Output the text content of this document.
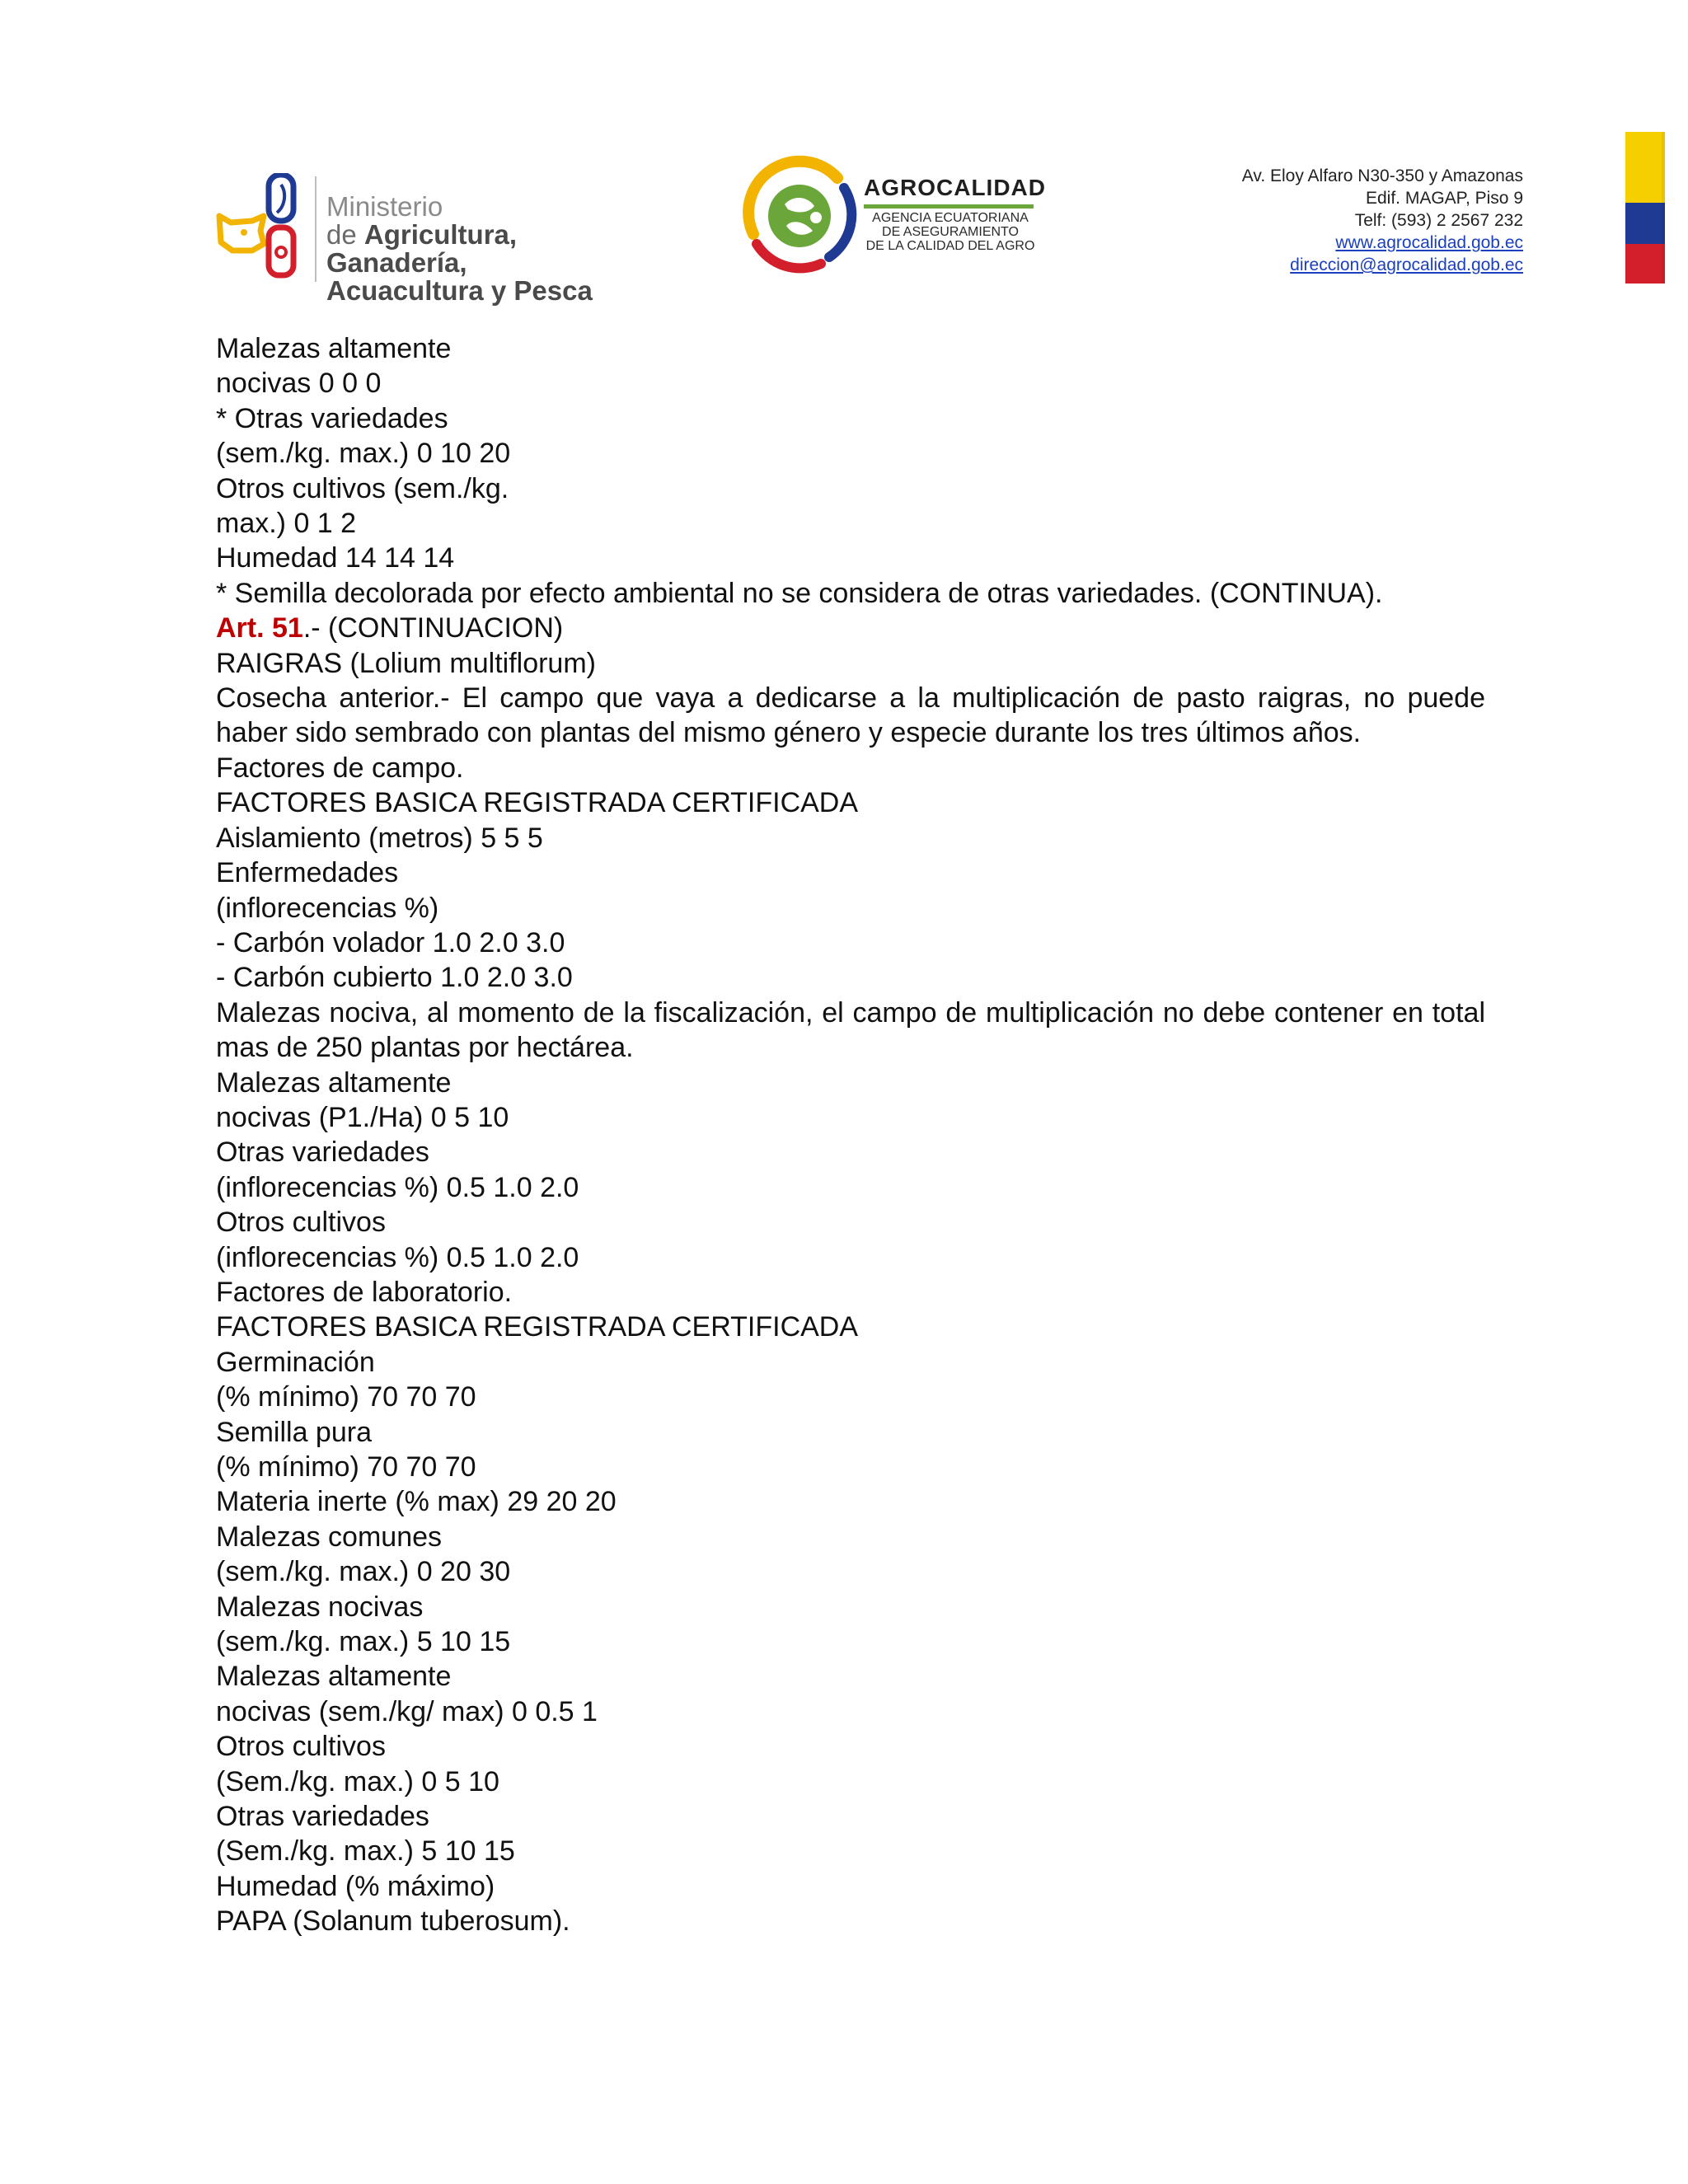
Ministerio
de Agricultura, Ganadería,
Acuacultura y Pesca
AGROCALIDAD
AGENCIA ECUATORIANA
DE ASEGURAMIENTO
DE LA CALIDAD DEL AGRO
Av. Eloy Alfaro N30-350 y Amazonas
Edif. MAGAP, Piso 9
Telf: (593) 2 2567 232
www.agrocalidad.gob.ec
direccion@agrocalidad.gob.ec

Malezas altamente

nocivas 0 0 0

* Otras variedades

(sem./kg. max.) 0 10 20

Otros cultivos (sem./kg.

max.) 0 1 2

Humedad 14 14 14

* Semilla decolorada por efecto ambiental no se considera de otras variedades. (CONTINUA).

Art. 51.- (CONTINUACION)

RAIGRAS (Lolium multiflorum)

Cosecha anterior.- El campo que vaya a dedicarse a la multiplicación de pasto raigras, no puede haber sido sembrado con plantas del mismo género y especie durante los tres últimos años.

Factores de campo.

FACTORES BASICA REGISTRADA CERTIFICADA

Aislamiento (metros) 5 5 5

Enfermedades

(inflorecencias %)

- Carbón volador 1.0 2.0 3.0

- Carbón cubierto 1.0 2.0 3.0

Malezas nociva, al momento de la fiscalización, el campo de multiplicación no debe contener en total mas de 250 plantas por hectárea.

Malezas altamente

nocivas (P1./Ha) 0 5 10

Otras variedades

(inflorecencias %) 0.5 1.0 2.0

Otros cultivos

(inflorecencias %) 0.5 1.0 2.0

Factores de laboratorio.

FACTORES BASICA REGISTRADA CERTIFICADA

Germinación

(% mínimo) 70 70 70

Semilla pura

(% mínimo) 70 70 70

Materia inerte (% max) 29 20 20

Malezas comunes

(sem./kg. max.) 0 20 30

Malezas nocivas

(sem./kg. max.) 5 10 15

Malezas altamente

nocivas (sem./kg/ max) 0 0.5 1

Otros cultivos

(Sem./kg. max.) 0 5 10

Otras variedades

(Sem./kg. max.) 5 10 15

Humedad (% máximo)

PAPA (Solanum tuberosum).
